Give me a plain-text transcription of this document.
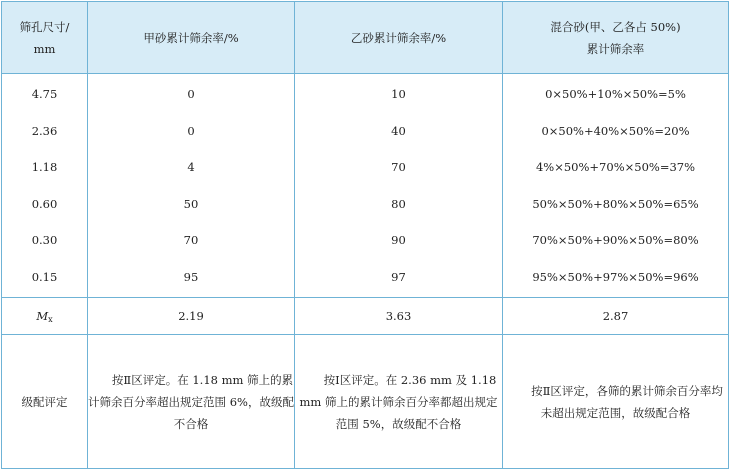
筛孔尺寸/
mm	甲砂累计筛余率/%	乙砂累计筛余率/%	混合砂(甲、乙各占 50%)
累计筛余率

4.75	0	10	0×50%+10%×50%=5%
2.36	0	40	0×50%+40%×50%=20%
1.18	4	70	4%×50%+70%×50%=37%
0.60	50	80	50%×50%+80%×50%=65%
0.30	70	90	70%×50%+90%×50%=80%
0.15	95	97	95%×50%+97%×50%=96%
Mx	2.19	3.63	2.87
级配评定	按Ⅱ区评定。在 1.18 mm 筛上的累计筛余百分率超出规定范围 6%，故级配不合格	按Ⅰ区评定。在 2.36 mm 及 1.18 mm 筛上的累计筛余百分率都超出规定范围 5%，故级配不合格	按Ⅱ区评定，各筛的累计筛余百分率均未超出规定范围，故级配合格
